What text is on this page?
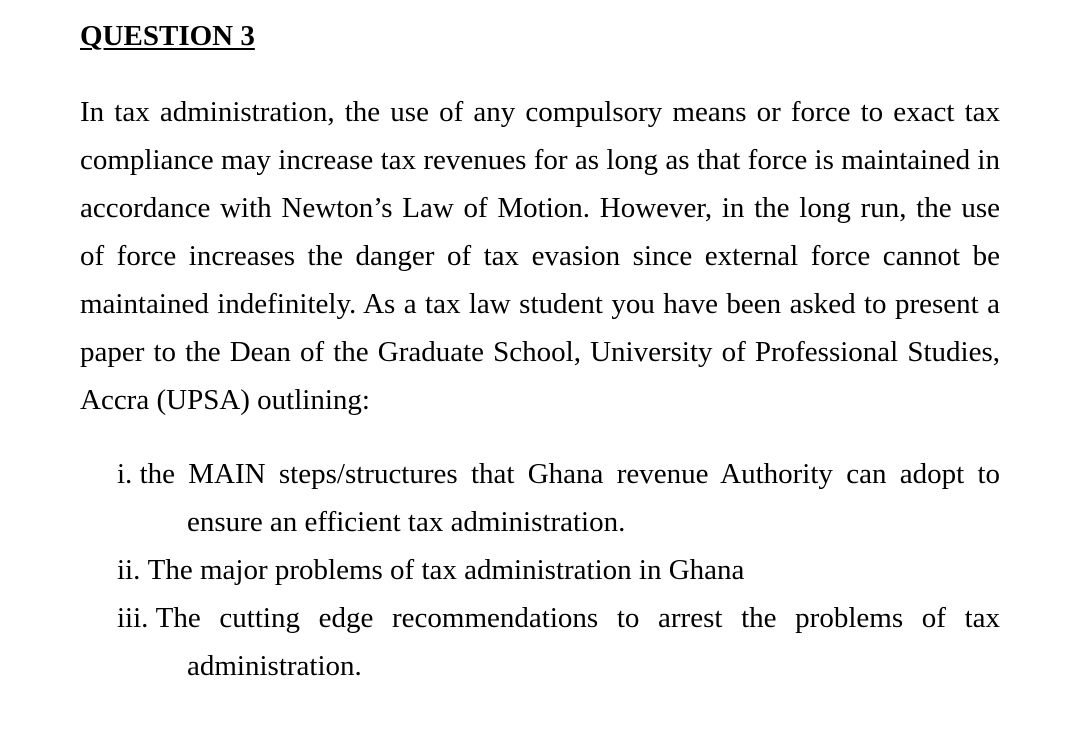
QUESTION 3

In tax administration, the use of any compulsory means or force to exact tax compliance may increase tax revenues for as long as that force is maintained in accordance with Newton’s Law of Motion. However, in the long run, the use of force increases the danger of tax evasion since external force cannot be maintained indefinitely. As a tax law student you have been asked to present a paper to the Dean of the Graduate School, University of Professional Studies, Accra (UPSA) outlining:

i. the MAIN steps/structures that Ghana revenue Authority can adopt to ensure an efficient tax administration.
ii. The major problems of tax administration in Ghana
iii. The cutting edge recommendations to arrest the problems of tax administration.
